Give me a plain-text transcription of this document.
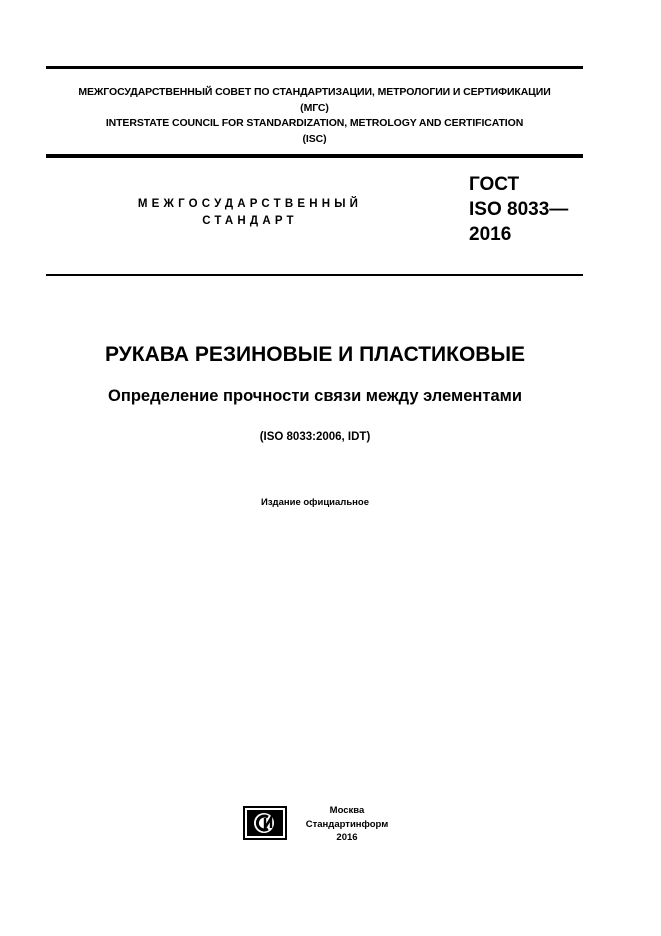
МЕЖГОСУДАРСТВЕННЫЙ СОВЕТ ПО СТАНДАРТИЗАЦИИ, МЕТРОЛОГИИ И СЕРТИФИКАЦИИ
(МГС)
INTERSTATE COUNCIL FOR STANDARDIZATION, METROLOGY AND CERTIFICATION
(ISC)
МЕЖГОСУДАРСТВЕННЫЙ
СТАНДАРТ
ГОСТ
ISO 8033—
2016
РУКАВА РЕЗИНОВЫЕ И ПЛАСТИКОВЫЕ
Определение прочности связи между элементами
(ISO 8033:2006, IDT)
Издание официальное
Москва
Стандартинформ
2016
